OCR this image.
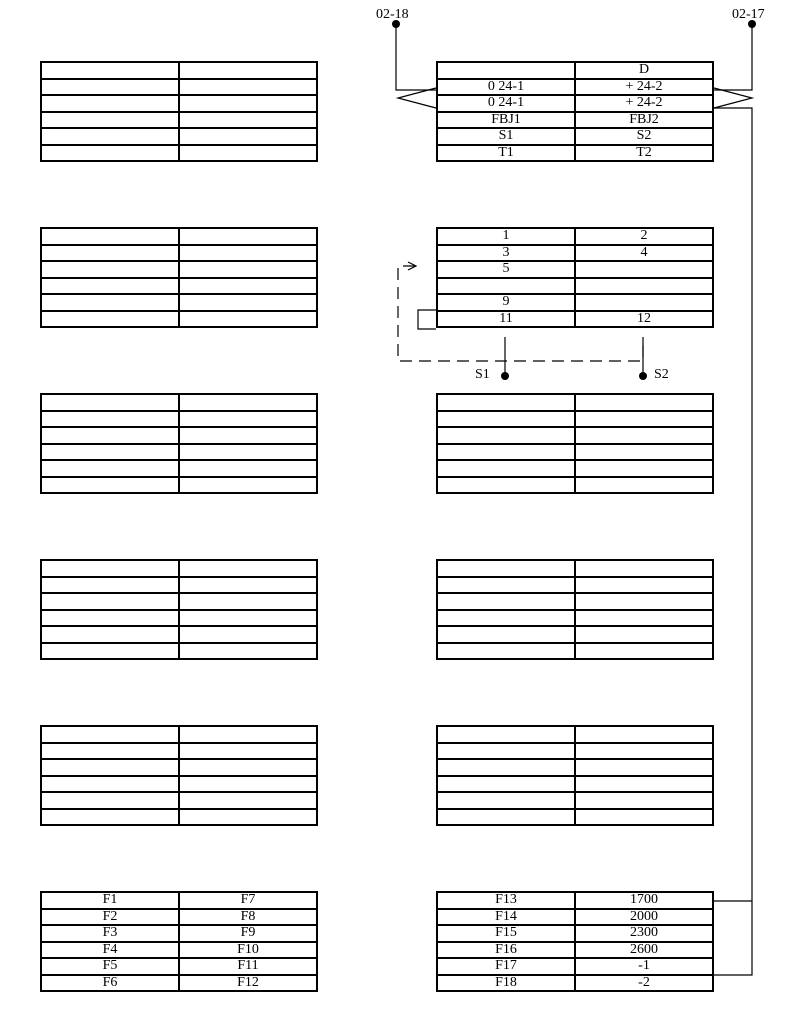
02-18	02-17
S1	S2

	D
0 24-1	+ 24-2
0 24-1	+ 24-2
FBJ1	FBJ2
S1	S2
T1	T2

1	2
3	4
5	

9	
11	12

F1	F7
F2	F8
F3	F9
F4	F10
F5	F11
F6	F12
F13	1700
F14	2000
F15	2300
F16	2600
F17	-1
F18	-2
